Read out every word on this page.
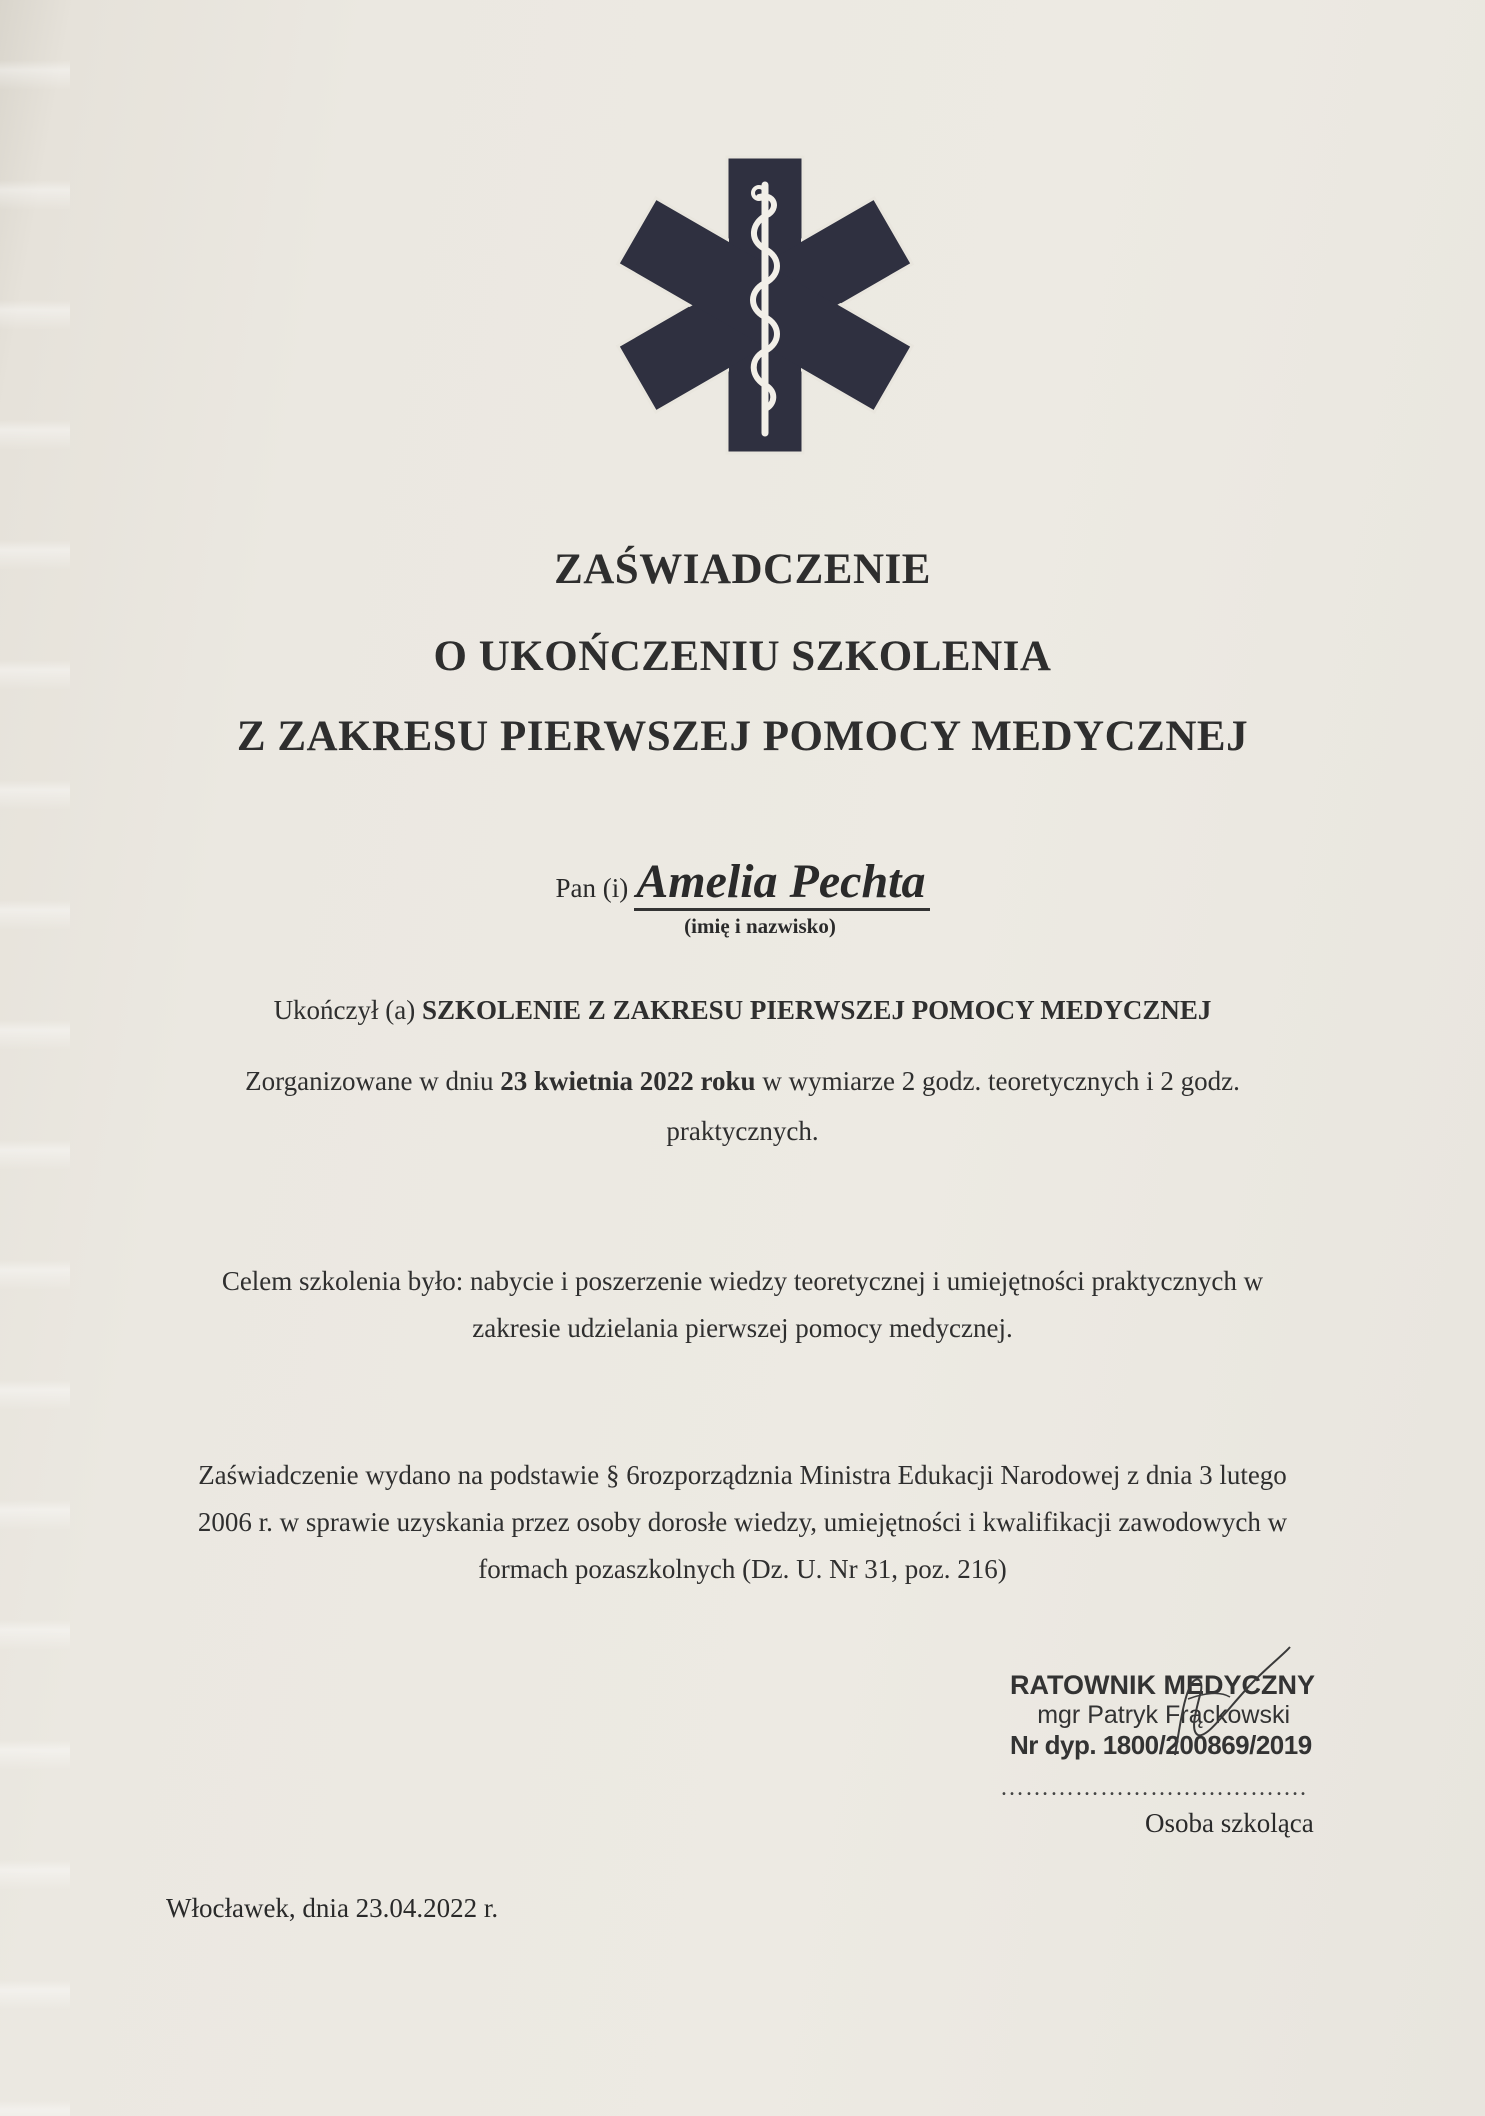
ZAŚWIADCZENIE
O UKOŃCZENIU SZKOLENIA
Z ZAKRESU PIERWSZEJ POMOCY MEDYCZNEJ
Pan (i) Amelia Pechta
(imię i nazwisko)
Ukończył (a) SZKOLENIE Z ZAKRESU PIERWSZEJ POMOCY MEDYCZNEJ
Zorganizowane w dniu 23 kwietnia 2022 roku w wymiarze 2 godz. teoretycznych i 2 godz.
praktycznych.
Celem szkolenia było: nabycie i poszerzenie wiedzy teoretycznej i umiejętności praktycznych w
zakresie udzielania pierwszej pomocy medycznej.
Zaświadczenie wydano na podstawie § 6rozporządznia Ministra Edukacji Narodowej z dnia 3 lutego
2006 r. w sprawie uzyskania przez osoby dorosłe wiedzy, umiejętności i kwalifikacji zawodowych w
formach pozaszkolnych (Dz. U. Nr 31, poz. 216)
RATOWNIK MEDYCZNY
mgr Patryk Frąckowski
Nr dyp. 1800/200869/2019
……………………………….
Osoba szkoląca
Włocławek, dnia 23.04.2022 r.
